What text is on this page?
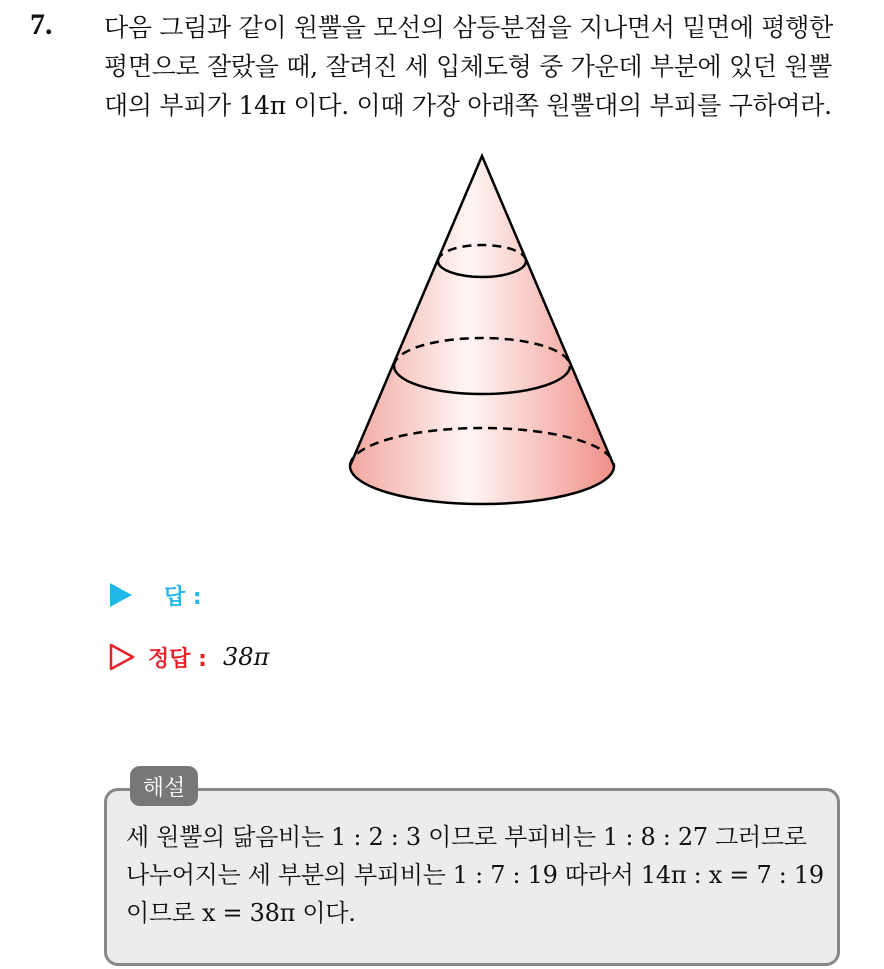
7. 다음 그림과 같이 원뿔을 모선의 삼등분점을 지나면서 밑면에 평행한
평면으로 잘랐을 때, 잘려진 세 입체도형 중 가운데 부분에 있던 원뿔
대의 부피가 14π 이다. 이때 가장 아래쪽 원뿔대의 부피를 구하여라.
답 :
정답 : 38π
해설
세 원뿔의 닮음비는 1 : 2 : 3 이므로 부피비는 1 : 8 : 27 그러므로
나누어지는 세 부분의 부피비는 1 : 7 : 19 따라서 14π : x = 7 : 19
이므로 x = 38π 이다.
